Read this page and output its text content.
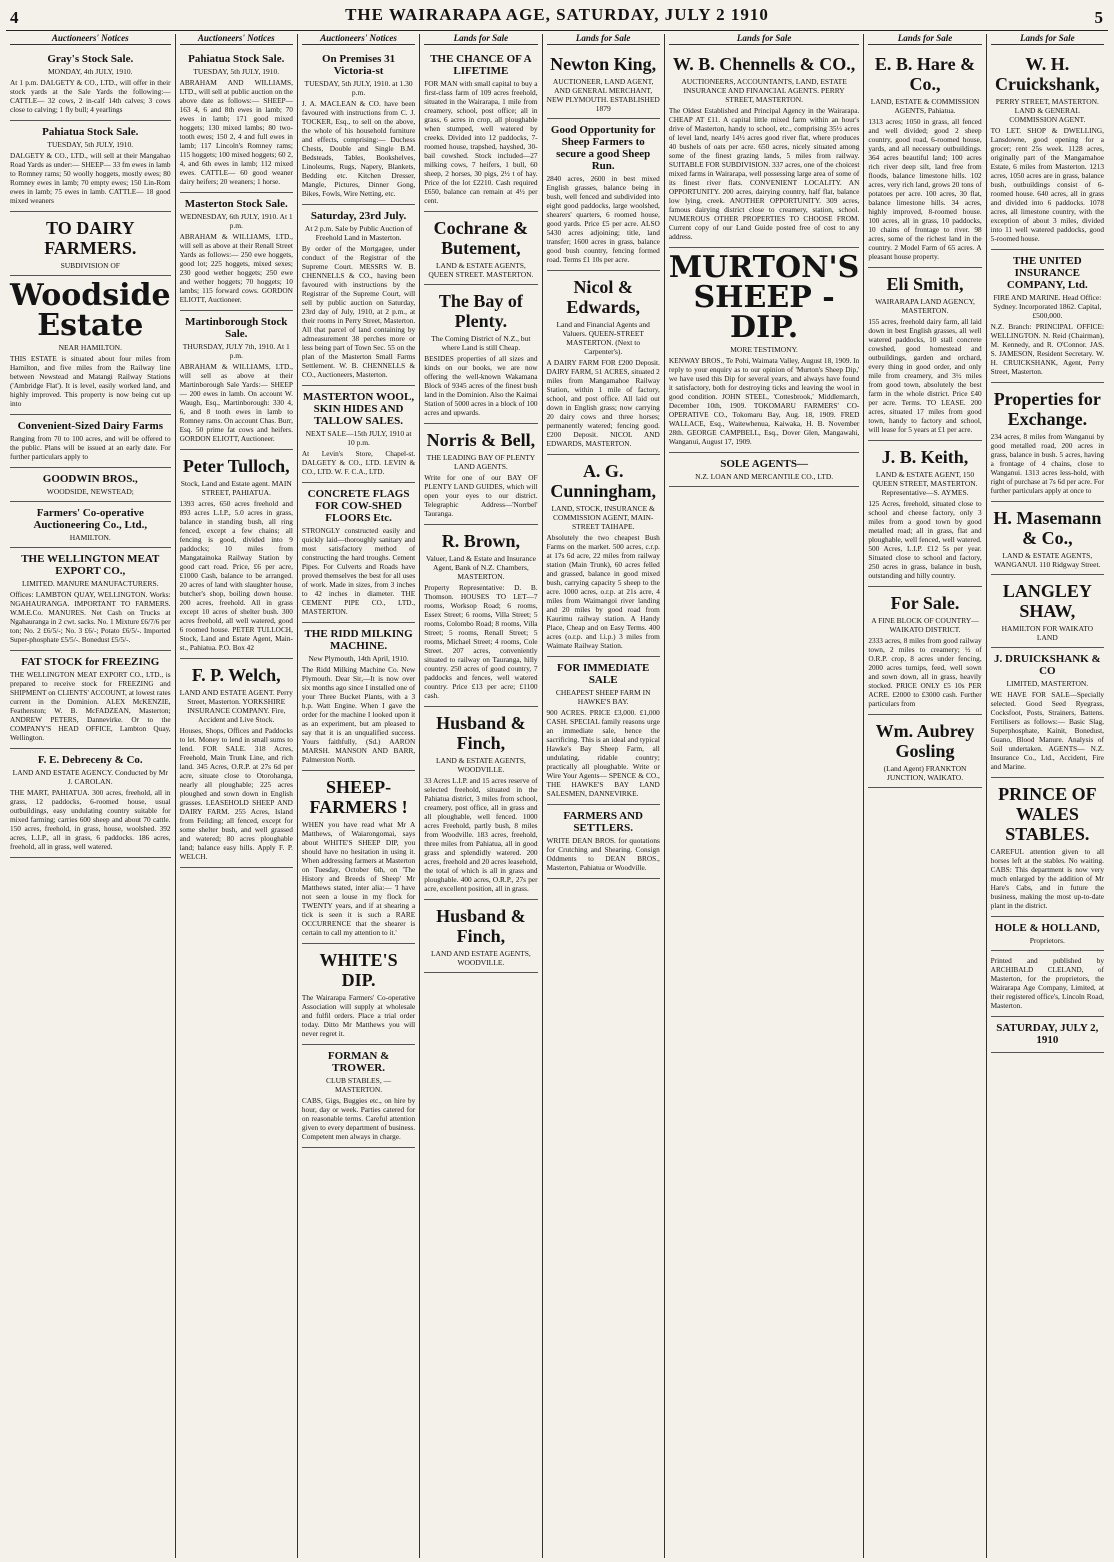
4	THE WAIRARAPA AGE, SATURDAY, JULY 2 1910	5
Auctioneers' Notices
Gray's Stock Sale.
MONDAY, 4th JULY, 1910.
At 1 p.m. DALGETY & CO., LTD., will offer in their stock yards at the Sale Yards the following:— CATTLE— 32 cows, 2 in-calf 14th calves; 3 cows close to calving; 1 fly bull; 4 yearlings
Pahiatua Stock Sale.
TUESDAY, 5th JULY, 1910.
DALGETY & CO., LTD., will sell at their Mangahao Road Yards as under:— SHEEP— 33 fm ewes in lamb to Romney rams; 50 woolly hoggets, mostly ewes; 80 Romney ewes in lamb; 70 empty ewes; 150 Lin-Rom ewes in lamb; 75 ewes in lamb. CATTLE— 18 good mixed weaners
TO DAIRY FARMERS.
SUBDIVISION OF
Woodside Estate
NEAR HAMILTON.
THIS ESTATE is situated about four miles from Hamilton, and five miles from the Railway line between Newstead and Matangi Railway Stations ('Ambridge Flat'). It is level, easily worked land, and highly improved. This property is now being cut up into
Convenient-Sized Dairy Farms
Ranging from 70 to 100 acres, and will be offered to the public. Plans will be issued at an early date. For further particulars apply to
GOODWIN BROS.,
WOODSIDE, NEWSTEAD;
Farmers' Co-operative Auctioneering Co., Ltd.,
HAMILTON.
THE WELLINGTON MEAT EXPORT CO.,
LIMITED. MANURE MANUFACTURERS.
Offices: LAMBTON QUAY, WELLINGTON. Works: NGAHAURANGA. IMPORTANT TO FARMERS. W.M.E.Co. MANURES. Net Cash on Trucks at Ngahauranga in 2 cwt. sacks. No. 1 Mixture £6/7/6 per ton; No. 2 £6/5/-; No. 3 £6/-; Potato £6/5/-. Imported Super-phosphate £5/5/-. Bonedust £5/5/-.
FAT STOCK for FREEZING
THE WELLINGTON MEAT EXPORT CO., LTD., is prepared to receive stock for FREEZING and SHIPMENT on CLIENTS' ACCOUNT, at lowest rates current in the Dominion. ALEX McKENZIE, Featherston; W. B. McFADZEAN, Masterton; ANDREW PETERS, Dannevirke. Or to the COMPANY'S HEAD OFFICE, Lambton Quay, Wellington.
F. E. Debreceny & Co.
LAND AND ESTATE AGENCY. Conducted by Mr J. CAROLAN.
THE MART, PAHIATUA. 300 acres, freehold, all in grass, 12 paddocks, 6-roomed house, usual outbuildings, easy undulating country suitable for mixed farming; carries 600 sheep and about 70 cattle. 150 acres, freehold, in grass, house, woolshed. 392 acres, L.I.P., all in grass, 6 paddocks. 186 acres, freehold, all in grass, well watered.
Auctioneers' Notices
Pahiatua Stock Sale.
TUESDAY, 5th JULY, 1910.
ABRAHAM AND WILLIAMS, LTD., will sell at public auction on the above date as follows:— SHEEP— 163 4, 6 and 8th ewes in lamb; 70 ewes in lamb; 171 good mixed hoggets; 130 mixed lambs; 80 two-tooth ewes; 150 2, 4 and full ewes in lamb; 117 Lincoln's Romney rams; 115 hoggets; 100 mixed hoggets; 60 2, 4, and 6th ewes in lamb; 112 mixed ewes. CATTLE— 60 good weaner dairy heifers; 20 weaners; 1 horse.
Masterton Stock Sale.
WEDNESDAY, 6th JULY, 1910. At 1 p.m.
ABRAHAM & WILLIAMS, LTD., will sell as above at their Renall Street Yards as follows:— 250 ewe hoggets, good lot; 225 hoggets, mixed sexes; 230 good wether hoggets; 250 ewe and wether hoggets; 70 hoggets; 10 lambs; 115 forward cows. GORDON ELIOTT, Auctioneer.
Martinborough Stock Sale.
THURSDAY, JULY 7th, 1910. At 1 p.m.
ABRAHAM & WILLIAMS, LTD., will sell as above at their Martinborough Sale Yards:— SHEEP— 200 ewes in lamb. On account W. Waugh, Esq., Martinborough: 330 4, 6, and 8 tooth ewes in lamb to Romney rams. On account Chas. Burr, Esq. 50 prime fat cows and heifers. GORDON ELIOTT, Auctioneer.
Peter Tulloch,
Stock, Land and Estate agent. MAIN STREET, PAHIATUA.
1393 acres, 650 acres freehold and 893 acres L.I.P., 5.0 acres in grass, balance in standing bush, all ring fenced, except a few chains; all fencing is good, divided into 9 paddocks; 10 miles from Mangatainoka Railway Station by good cart road. Price, £6 per acre, £1000 Cash, balance to be arranged. 20 acres of land with slaughter house, butcher's shop, boiling down house. 200 acres, freehold. All in grass except 10 acres of shelter bush. 300 acres freehold, all well watered, good 6 roomed house. PETER TULLOCH, Stock, Land and Estate Agent, Main-st., Pahiatua. P.O. Box 42
F. P. Welch,
LAND AND ESTATE AGENT. Perry Street, Masterton. YORKSHIRE INSURANCE COMPANY. Fire, Accident and Live Stock.
Houses, Shops, Offices and Paddocks to let. Money to lend in small sums to lend. FOR SALE. 318 Acres, Freehold, Main Trunk Line, and rich land. 345 Acres, O.R.P. at 27s 6d per acre, situate close to Otorohanga, nearly all ploughable; 225 acres ploughed and sown down in English grasses. LEASEHOLD SHEEP AND DAIRY FARM. 255 Acres, Island from Feilding; all fenced, except for some shelter bush, and well grassed and watered; 80 acres ploughable land; balance easy hills. Apply F. P. WELCH.
Auctioneers' Notices
On Premises 31 Victoria-st
TUESDAY, 5th JULY, 1910. at 1.30 p.m.
J. A. MACLEAN & CO. have been favoured with instructions from C. J. TOCKER, Esq., to sell on the above, the whole of his household furniture and effects, comprising:— Duchess Chests, Double and Single B.M. Bedsteads, Tables, Bookshelves, Linoleums, Rugs, Napery, Blankets, Bedding etc. Kitchen Dresser, Mangle, Pictures, Dinner Gong, Bikes, Fowls, Wire Netting, etc.
Saturday, 23rd July.
At 2 p.m. Sale by Public Auction of Freehold Land in Masterton.
By order of the Mortgagee, under conduct of the Registrar of the Supreme Court. MESSRS W. B. CHENNELLS & CO., having been favoured with instructions by the Registrar of the Supreme Court, will sell by public auction on Saturday, 23rd day of July, 1910, at 2 p.m., at their rooms in Perry Street, Masterton. All that parcel of land containing by admeasurement 38 perches more or less being part of Town Sec. 55 on the plan of the Masterton Small Farms Settlement. W. B. CHENNELLS & CO., Auctioneers, Masterton.
MASTERTON WOOL, SKIN HIDES AND TALLOW SALES.
NEXT SALE—15th JULY, 1910 at 10 p.m.
At Levin's Store, Chapel-st. DALGETY & CO., LTD. LEVIN & CO., LTD. W. F. C.A., LTD.
CONCRETE FLAGS FOR COW-SHED FLOORS Etc.
STRONGLY constructed easily and quickly laid—thoroughly sanitary and most satisfactory method of constructing the hard troughs. Cement Pipes. For Culverts and Roads have proved themselves the best for all uses of work. Made in sizes, from 3 inches to 42 inches in diameter. THE CEMENT PIPE CO., LTD., MASTERTON.
THE RIDD MILKING MACHINE.
New Plymouth, 14th April, 1910.
The Ridd Milking Machine Co. New Plymouth. Dear Sir,—It is now over six months ago since I installed one of your Three Bucket Plants, with a 3 h.p. Watt Engine. When I gave the order for the machine I looked upon it as an experiment, but am pleased to say that it is an unqualified success. Yours faithfully, (Sd.) AARON MARSH. MANSON AND BARR, Palmerston North.
SHEEP-FARMERS !
WHEN you have read what Mr A Matthews, of Waiarongomai, says about WHITE'S SHEEP DIP, you should have no hesitation in using it. When addressing farmers at Masterton on Tuesday, October 6th, on 'The History and Breeds of Sheep' Mr Matthews stated, inter alia:— 'I have not seen a louse in my flock for TWENTY years, and if at shearing a tick is seen it is such a RARE OCCURRENCE that the shearer is certain to call my attention to it.'
WHITE'S DIP.
The Wairarapa Farmers' Co-operative Association will supply at wholesale and fulfil orders. Place a trial order today. Ditto Mr Matthews you will never regret it.
FORMAN & TROWER.
CLUB STABLES, — MASTERTON.
CABS, Gigs, Buggies etc., on hire by hour, day or week. Parties catered for on reasonable terms. Careful attention given to every department of business. Competent men always in charge.
Lands for Sale
THE CHANCE OF A LIFETIME
FOR MAN with small capital to buy a first-class farm of 109 acres freehold, situated in the Wairarapa, 1 mile from creamery, school, post office; all in grass, 6 acres in crop, all ploughable when stumped, well watered by creeks. Divided into 12 paddocks, 7-roomed house, trapshed, hayshed, 30-bail cowshed. Stock included—27 milking cows, 7 heifers, 1 bull, 60 sheep, 2 horses, 30 pigs, 2½ t of hay. Price of the lot £2210. Cash required £650, balance can remain at 4½ per cent.
Cochrane & Butement,
LAND & ESTATE AGENTS, QUEEN STREET. MASTERTON.
The Bay of Plenty.
The Coming District of N.Z., but where Land is still Cheap.
BESIDES properties of all sizes and kinds on our books, we are now offering the well-known Wakamana Block of 9345 acres of the finest bush land in the Dominion. Also the Kaimai Station of 5000 acres in a block of 100 acres and upwards.
Norris & Bell,
THE LEADING BAY OF PLENTY LAND AGENTS.
Write for one of our BAY OF PLENTY LAND GUIDES, which will open your eyes to our district. Telegraphic Address—'Norrbel' Tauranga.
R. Brown,
Valuer, Land & Estate and Insurance Agent, Bank of N.Z. Chambers, MASTERTON.
Property Representative: D. B. Thomson. HOUSES TO LET—7 rooms, Worksop Road; 6 rooms, Essex Street; 6 rooms, Villa Street; 5 rooms, Colombo Road; 8 rooms, Villa Street; 5 rooms, Renall Street; 5 rooms, Michael Street; 4 rooms, Cole Street. 207 acres, conveniently situated to railway on Tauranga, hilly country. 250 acres of good country, 7 paddocks and fences, well watered country. Price £13 per acre; £1100 cash.
Husband & Finch,
LAND & ESTATE AGENTS, WOODVILLE.
33 Acres L.I.P. and 15 acres reserve of selected freehold, situated in the Pahiatua district, 3 miles from school, creamery, post office, all in grass and all ploughable, well fenced. 1000 acres Freehold, partly bush, 8 miles from Woodville. 183 acres, freehold, three miles from Pahiatua, all in good grass and splendidly watered. 200 acres, freehold and 20 acres leasehold, the total of which is all in grass and ploughable. 400 acres, O.R.P., 27s per acre, excellent position, all in grass.
Husband & Finch,
LAND AND ESTATE AGENTS, WOODVILLE.
Lands for Sale
Newton King,
AUCTIONEER, LAND AGENT, AND GENERAL MERCHANT, NEW PLYMOUTH. ESTABLISHED 1879
Good Opportunity for Sheep Farmers to secure a good Sheep Run.
2840 acres, 2600 in best mixed English grasses, balance being in bush, well fenced and subdivided into eight good paddocks, large woolshed, shearers' quarters, 6 roomed house, good yards. Price £5 per acre. ALSO 5430 acres adjoining; title, land transfer; 1600 acres in grass, balance good bush country, fencing formed road. Terms £1 10s per acre.
Nicol & Edwards,
Land and Financial Agents and Valuers. QUEEN-STREET MASTERTON. (Next to Carpenter's).
A DAIRY FARM FOR £200 Deposit. DAIRY FARM, 51 ACRES, situated 2 miles from Mangamahoe Railway Station, within 1 mile of factory, school, and post office. All laid out down in English grass; now carrying 20 dairy cows and three horses; permanently watered; fencing good. £200 Deposit. NICOL AND EDWARDS, MASTERTON.
A. G. Cunningham,
LAND, STOCK, INSURANCE & COMMISSION AGENT, MAIN-STREET TAIHAPE.
Absolutely the two cheapest Bush Farms on the market. 500 acres, c.r.p. at 17s 6d acre, 22 miles from railway station (Main Trunk), 60 acres felled and grassed, balance in good mixed bush, carrying capacity 5 sheep to the acre. 1000 acres, o.r.p. at 21s acre, 4 miles from Waimangoi river landing and 20 miles by good road from Kaurimu railway station. A Handy Place, Cheap and on Easy Terms. 400 acres (o.r.p. and l.i.p.) 3 miles from Waimate Railway Station.
FOR IMMEDIATE SALE
CHEAPEST SHEEP FARM IN HAWKE'S BAY.
900 ACRES. PRICE £3,000. £1,000 CASH. SPECIAL family reasons urge an immediate sale, hence the sacrificing. This is an ideal and typical Hawke's Bay Sheep Farm, all undulating, ridable country; practically all ploughable. Write or Wire Your Agents— SPENCE & CO., THE HAWKE'S BAY LAND SALESMEN, DANNEVIRKE.
FARMERS AND SETTLERS.
WRITE DEAN BROS. for quotations for Crutching and Shearing. Consign Oddments to DEAN BROS., Masterton, Pahiatua or Woodville.
Lands for Sale
W. B. Chennells & CO.,
AUCTIONEERS, ACCOUNTANTS, LAND, ESTATE INSURANCE AND FINANCIAL AGENTS. PERRY STREET, MASTERTON.
The Oldest Established and Principal Agency in the Wairarapa. CHEAP AT £11. A capital little mixed farm within an hour's drive of Masterton, handy to school, etc., comprising 35½ acres of level land, nearly 14½ acres good river flat, where produces 40 bushels of oats per acre. 650 acres, nicely situated among some of the finest grazing lands, 5 miles from railway. SUITABLE FOR SUBDIVISION. 337 acres, one of the choicest mixed farms in Wairarapa, well possessing large area of some of its finest river flats. CONVENIENT LOCALITY. AN OPPORTUNITY. 200 acres, dairying country, half flat, balance low lying, creek. ANOTHER OPPORTUNITY. 309 acres, famous dairying district close to creamery, station, school. NUMEROUS OTHER PROPERTIES TO CHOOSE FROM. Current copy of our Land Guide posted free of cost to any address.
MURTON'S SHEEP - DIP.
MORE TESTIMONY.
KENWAY BROS., Te Pohi, Waimata Valley, August 18, 1909. In reply to your enquiry as to our opinion of 'Murton's Sheep Dip,' we have used this Dip for several years, and always have found it satisfactory, both for destroying ticks and leaving the wool in good condition. JOHN STEEL, 'Cottesbrook,' Middlemarch, December 10th, 1909. TOKOMARU FARMERS' CO-OPERATIVE CO., Tokomaru Bay, Aug. 18, 1909. FRED WALLACE, Esq., Waitewhenua, Kaiwaka, H. B. November 28th. GEORGE CAMPBELL, Esq., Dover Glen, Mangawahi, Wanganui, August 17, 1909.
SOLE AGENTS—
N.Z. LOAN AND MERCANTILE CO., LTD.
Lands for Sale
E. B. Hare & Co.,
LAND, ESTATE & COMMISSION AGENTS, Pahiatua.
1313 acres; 1050 in grass, all fenced and well divided; good 2 sheep country, good road, 6-roomed house, yards, and all necessary outbuildings. 364 acres beautiful land; 100 acres rich river deep silt, land free from floods, balance limestone hills. 102 acres, very rich land, grows 20 tons of potatoes per acre. 100 acres, 30 flat, balance limestone hills. 34 acres, highly improved, 8-roomed house. 100 acres, all in grass, 10 paddocks, 10 chains of frontage to river. 98 acres, some of the richest land in the country. 2 Model Farm of 65 acres. A pleasant house property.
Eli Smith,
WAIRARAPA LAND AGENCY, MASTERTON.
155 acres, freehold dairy farm, all laid down in best English grasses, all well watered paddocks, 10 stall concrete cowshed, good homestead and outbuildings, garden and orchard, every thing in good order, and only mile from creamery, and 3½ miles from good town, absolutely the best farm in the whole district. Price £40 per acre. Terms. TO LEASE. 200 acres, situated 17 miles from good town, handy to factory and school, will lease for 5 years at £1 per acre.
J. B. Keith,
LAND & ESTATE AGENT, 150 QUEEN STREET, MASTERTON. Representative—S. AYMES.
125 Acres, freehold, situated close to school and cheese factory, only 3 miles from a good town by good metalled road; all in grass, flat and ploughable, well fenced, well watered. 500 Acres, L.I.P. £12 5s per year. Situated close to school and factory, 250 acres in grass, balance in bush, outstanding and hilly country.
For Sale.
A FINE BLOCK OF COUNTRY—WAIKATO DISTRICT.
2333 acres, 8 miles from good railway town, 2 miles to creamery; ½ of O.R.P. crop, 8 acres under fencing, 2000 acres turnips, feed, well sown and sown down, all in grass, heavily stocked. PRICE ONLY £5 10s PER ACRE. £2000 to £3000 cash. Further particulars from
Wm. Aubrey Gosling
(Land Agent) FRANKTON JUNCTION, WAIKATO.
Lands for Sale
W. H. Cruickshank,
PERRY STREET, MASTERTON. LAND & GENERAL COMMISSION AGENT.
TO LET. SHOP & DWELLING, Lansdowne, good opening for a grocer; rent 25s week. 1128 acres, originally part of the Mangamahoe Estate, 6 miles from Masterton. 1213 acres, 1050 acres are in grass, balance bush, outbuildings consist of 6-roomed house. 640 acres, all in grass and divided into 6 paddocks. 1078 acres, all limestone country, with the exception of about 3 miles, divided into 11 well watered paddocks, good 5-roomed house.
THE UNITED INSURANCE COMPANY, Ltd.
FIRE AND MARINE. Head Office: Sydney. Incorporated 1862. Capital, £500,000.
N.Z. Branch: PRINCIPAL OFFICE: WELLINGTON. N. Reid (Chairman), M. Kennedy, and R. O'Connor. JAS. S. JAMESON, Resident Secretary. W. H. CRUICKSHANK, Agent, Perry Street, Masterton.
Properties for Exchange.
234 acres, 8 miles from Wanganui by good metalled road, 200 acres in grass, balance in bush. 5 acres, having a frontage of 4 chains, close to Wanganui. 1313 acres less-hold, with right of purchase at 7s 6d per acre. For further particulars apply at once to
H. Masemann & Co.,
LAND & ESTATE AGENTS, WANGANUI. 110 Ridgway Street.
LANGLEY SHAW,
HAMILTON FOR WAIKATO LAND
J. DRUICKSHANK & CO
LIMITED, MASTERTON.
WE HAVE FOR SALE—Specially selected. Good Seed Ryegrass, Cocksfoot, Posts, Strainers, Battens. Fertilisers as follows:— Basic Slag, Superphosphate, Kainit, Bonedust, Guano, Blood Manure. Analysis of Soil undertaken. AGENTS— N.Z. Insurance Co., Ltd., Accident, Fire and Marine.
PRINCE OF WALES STABLES.
CAREFUL attention given to all horses left at the stables. No waiting. CABS: This department is now very much enlarged by the addition of Mr Hare's Cabs, and in future the business, making the most up-to-date plant in the district.
HOLE & HOLLAND,
Proprietors.
Printed and published by ARCHIBALD CLELAND, of Masterton, for the proprietors, the Wairarapa Age Company, Limited, at their registered office's, Lincoln Road, Masterton.
SATURDAY, JULY 2, 1910
